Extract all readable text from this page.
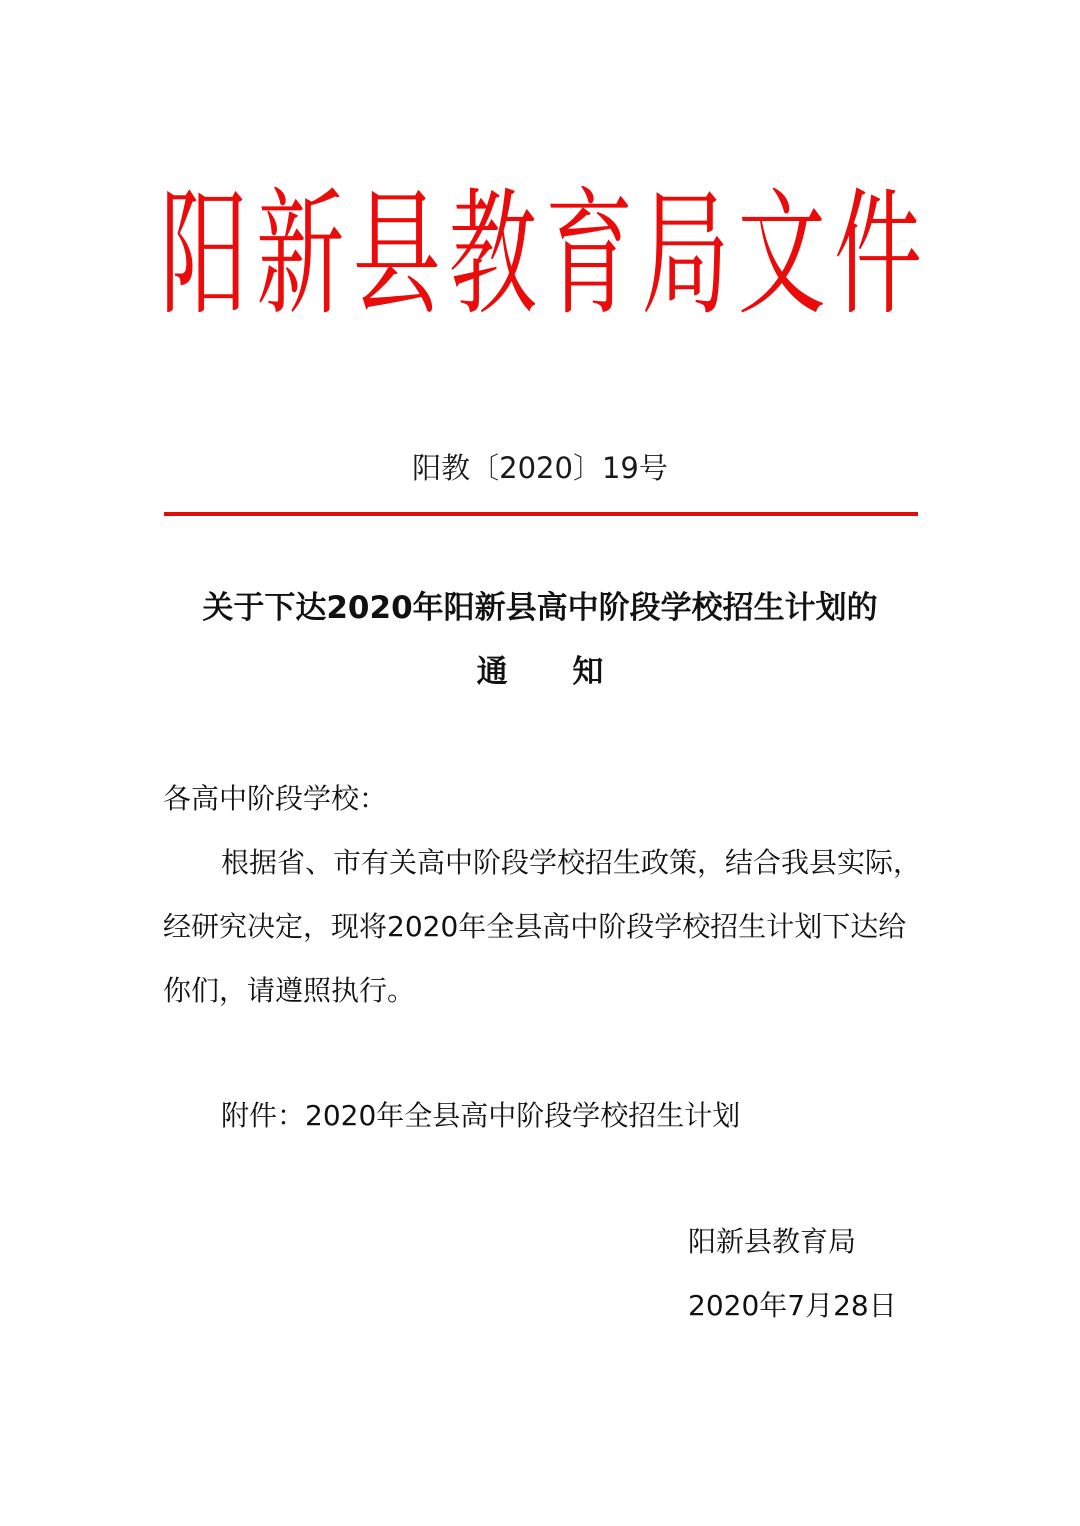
阳 新 县 教 育 局 文 件
阳教〔2020〕19号
关于下达2020年阳新县高中阶段学校招生计划的
通      知
各高中阶段学校：
根据省、市有关高中阶段学校招生政策，结合我县实际，
经研究决定，现将2020年全县高中阶段学校招生计划下达给
你们，请遵照执行。
附件：2020年全县高中阶段学校招生计划
阳新县教育局
2020年7月28日
